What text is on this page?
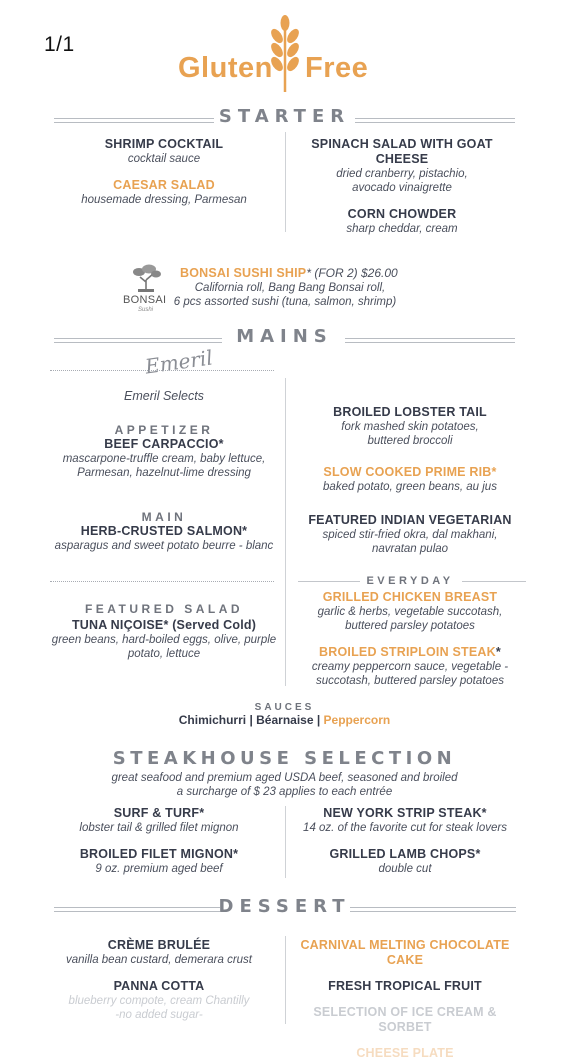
1/1
Gluten Free
STARTER
SHRIMP COCKTAIL
cocktail sauce
CAESAR SALAD
housemade dressing, Parmesan
SPINACH SALAD WITH GOAT CHEESE
dried cranberry, pistachio,
avocado vinaigrette
CORN CHOWDER
sharp cheddar, cream
BONSAI
Sushi
BONSAI SUSHI SHIP* (FOR 2) $26.00
California roll, Bang Bang Bonsai roll,
6 pcs assorted sushi (tuna, salmon, shrimp)
MAINS
Emeril
Emeril Selects
APPETIZER
BEEF CARPACCIO*
mascarpone-truffle cream, baby lettuce,
Parmesan, hazelnut-lime dressing
MAIN
HERB-CRUSTED SALMON*
asparagus and sweet potato beurre - blanc
FEATURED SALAD
TUNA NIÇOISE* (Served Cold)
green beans, hard-boiled eggs, olive, purple
potato, lettuce
BROILED LOBSTER TAIL
fork mashed skin potatoes,
buttered broccoli
SLOW COOKED PRIME RIB*
baked potato, green beans, au jus
FEATURED INDIAN VEGETARIAN
spiced stir-fried okra, dal makhani,
navratan pulao
EVERYDAY
GRILLED CHICKEN BREAST
garlic & herbs, vegetable succotash,
buttered parsley potatoes
BROILED STRIPLOIN STEAK*
creamy peppercorn sauce, vegetable -
succotash, buttered parsley potatoes
SAUCES
Chimichurri | Béarnaise | Peppercorn
STEAKHOUSE SELECTION
great seafood and premium aged USDA beef, seasoned and broiled
a surcharge of $ 23 applies to each entrée
SURF & TURF*
lobster tail & grilled filet mignon
BROILED FILET MIGNON*
9 oz. premium aged beef
NEW YORK STRIP STEAK*
14 oz. of the favorite cut for steak lovers
GRILLED LAMB CHOPS*
double cut
DESSERT
CRÈME BRULÉE
vanilla bean custard, demerara crust
PANNA COTTA
blueberry compote, cream Chantilly
-no added sugar-
CARNIVAL MELTING CHOCOLATE CAKE
FRESH TROPICAL FRUIT
SELECTION OF ICE CREAM & SORBET
CHEESE PLATE
